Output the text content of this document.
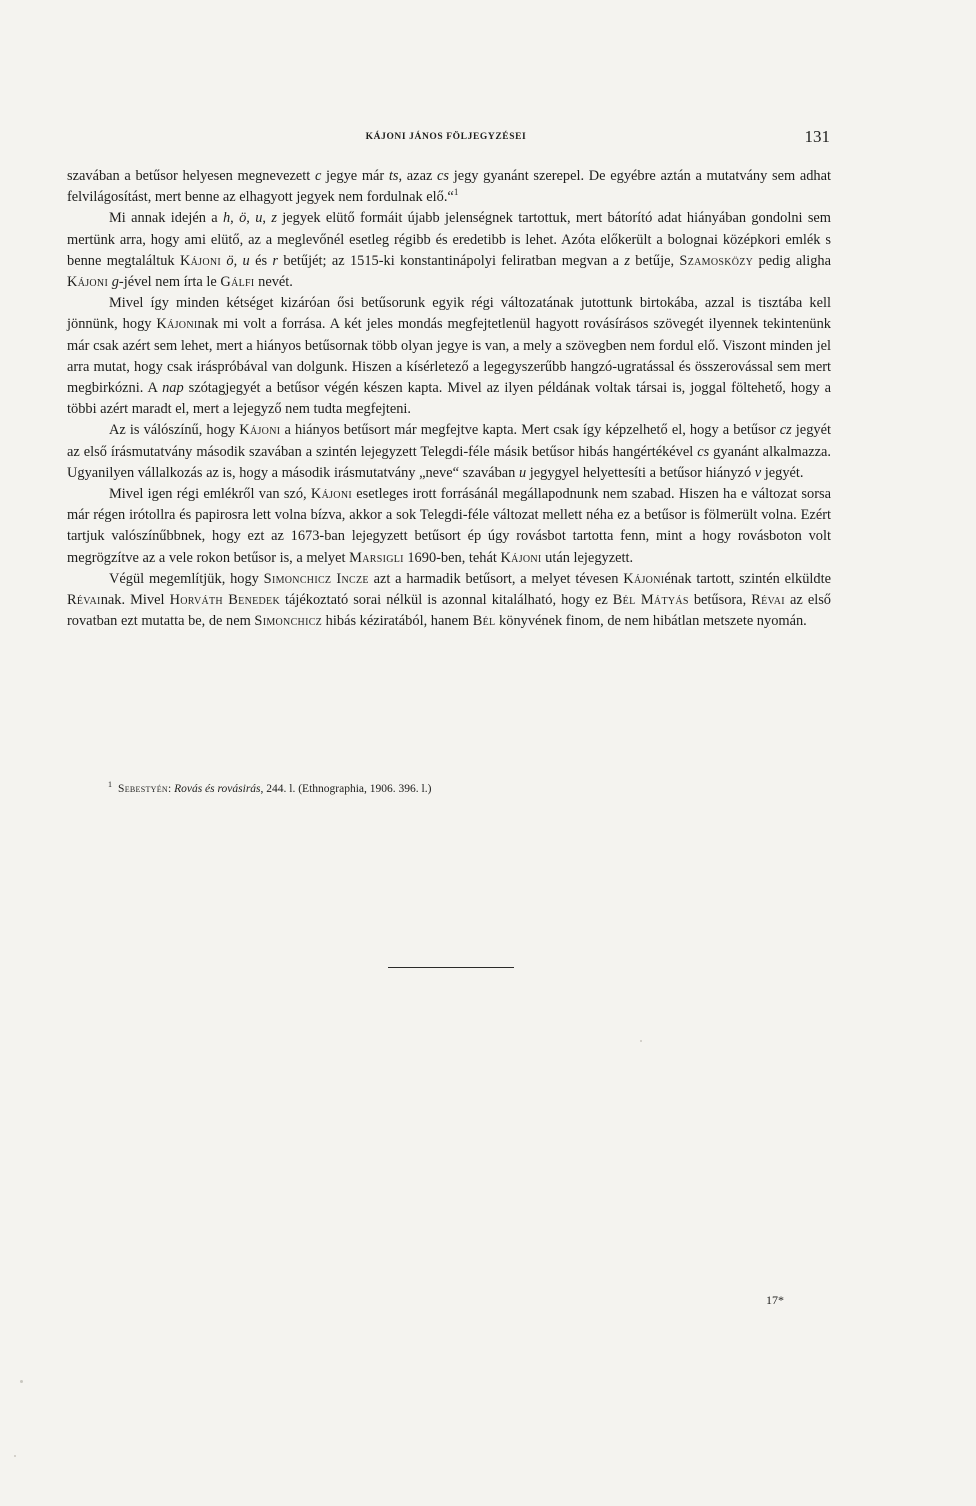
KÁJONI JÁNOS FÖLJEGYZÉSEI	131

szavában a betűsor helyesen megnevezett c jegye már ts, azaz cs jegy gyanánt szerepel. De egyébre aztán a mutatvány sem adhat felvilágosítást, mert benne az elhagyott jegyek nem fordulnak elő.“$^1$

Mi annak idején a h, ö, u, z jegyek elütő formáit újabb jelenségnek tartottuk, mert bátorító adat hiányában gondolni sem mertünk arra, hogy ami elütő, az a meglevőnél esetleg régibb és eredetibb is lehet. Azóta előkerült a bolognai középkori emlék s benne megtaláltuk Kájoni ö, u és r betűjét; az 1515-ki konstantinápolyi feliratban megvan a z betűje, Szamosközy pedig aligha Kájoni g-jével nem írta le Gálfi nevét.

Mivel így minden kétséget kizáróan ősi betűsorunk egyik régi változatának jutottunk birtokába, azzal is tisztába kell jönnünk, hogy Kájoninak mi volt a forrása. A két jeles mondás megfejtetlenül hagyott rovásírásos szövegét ilyennek tekintenünk már csak azért sem lehet, mert a hiányos betűsornak több olyan jegye is van, a mely a szövegben nem fordul elő. Viszont minden jel arra mutat, hogy csak iráspróbával van dolgunk. Hiszen a kísérletező a legegyszerűbb hangzó-ugratással és összerovással sem mert megbirkózni. A nap szótagjegyét a betűsor végén készen kapta. Mivel az ilyen példának voltak társai is, joggal föltehető, hogy a többi azért maradt el, mert a lejegyző nem tudta megfejteni.

Az is válószínű, hogy Kájoni a hiányos betűsort már megfejtve kapta. Mert csak így képzelhető el, hogy a betűsor cz jegyét az első írásmutatvány második szavában a szintén lejegyzett Telegdi-féle másik betűsor hibás hangértékével cs gyanánt alkalmazza. Ugyanilyen vállalkozás az is, hogy a második irásmutatvány „neve“ szavában u jegygyel helyettesíti a betűsor hiányzó v jegyét.

Mivel igen régi emlékről van szó, Kájoni esetleges irott forrásánál megállapodnunk nem szabad. Hiszen ha e változat sorsa már régen irótollra és papirosra lett volna bízva, akkor a sok Telegdi-féle változat mellett néha ez a betűsor is fölmerült volna. Ezért tartjuk valószínűbbnek, hogy ezt az 1673-ban lejegyzett betűsort ép úgy rovásbot tartotta fenn, mint a hogy rovásboton volt megrögzítve az a vele rokon betűsor is, a melyet Marsigli 1690-ben, tehát Kájoni után lejegyzett.

Végül megemlítjük, hogy Simonchicz Incze azt a harmadik betűsort, a melyet tévesen Kájoniénak tartott, szintén elküldte Révainak. Mivel Horváth Benedek tájékoztató sorai nélkül is azonnal kitalálható, hogy ez Bél Mátyás betűsora, Révai az első rovatban ezt mutatta be, de nem Simonchicz hibás kéziratából, hanem Bél könyvének finom, de nem hibátlan metszete nyomán.

$^1$ Sebestyén: Rovás és rovásirás, 244. l. (Ethnographia, 1906. 396. l.)
17*
